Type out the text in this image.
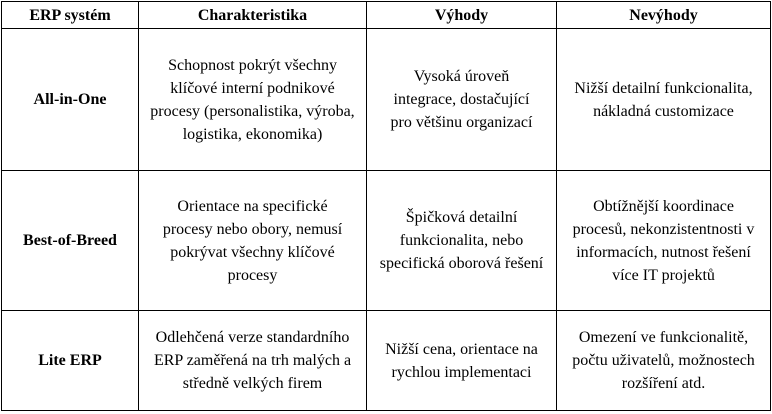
ERP systém	Charakteristika	Výhody	Nevýhody
All-in-One	Schopnost pokrýt všechny klíčové interní podnikové procesy (personalistika, výroba, logistika, ekonomika)	Vysoká úroveň integrace, dostačující pro většinu organizací	Nižší detailní funkcionalita, nákladná customizace
Best-of-Breed	Orientace na specifické procesy nebo obory, nemusí pokrývat všechny klíčové procesy	Špičková detailní funkcionalita, nebo specifická oborová řešení	Obtížnější koordinace procesů, nekonzistentnosti v informacích, nutnost řešení více IT projektů
Lite ERP	Odlehčená verze standardního ERP zaměřená na trh malých a středně velkých firem	Nižší cena, orientace na rychlou implementaci	Omezení ve funkcionalitě, počtu uživatelů, možnostech rozšíření atd.
